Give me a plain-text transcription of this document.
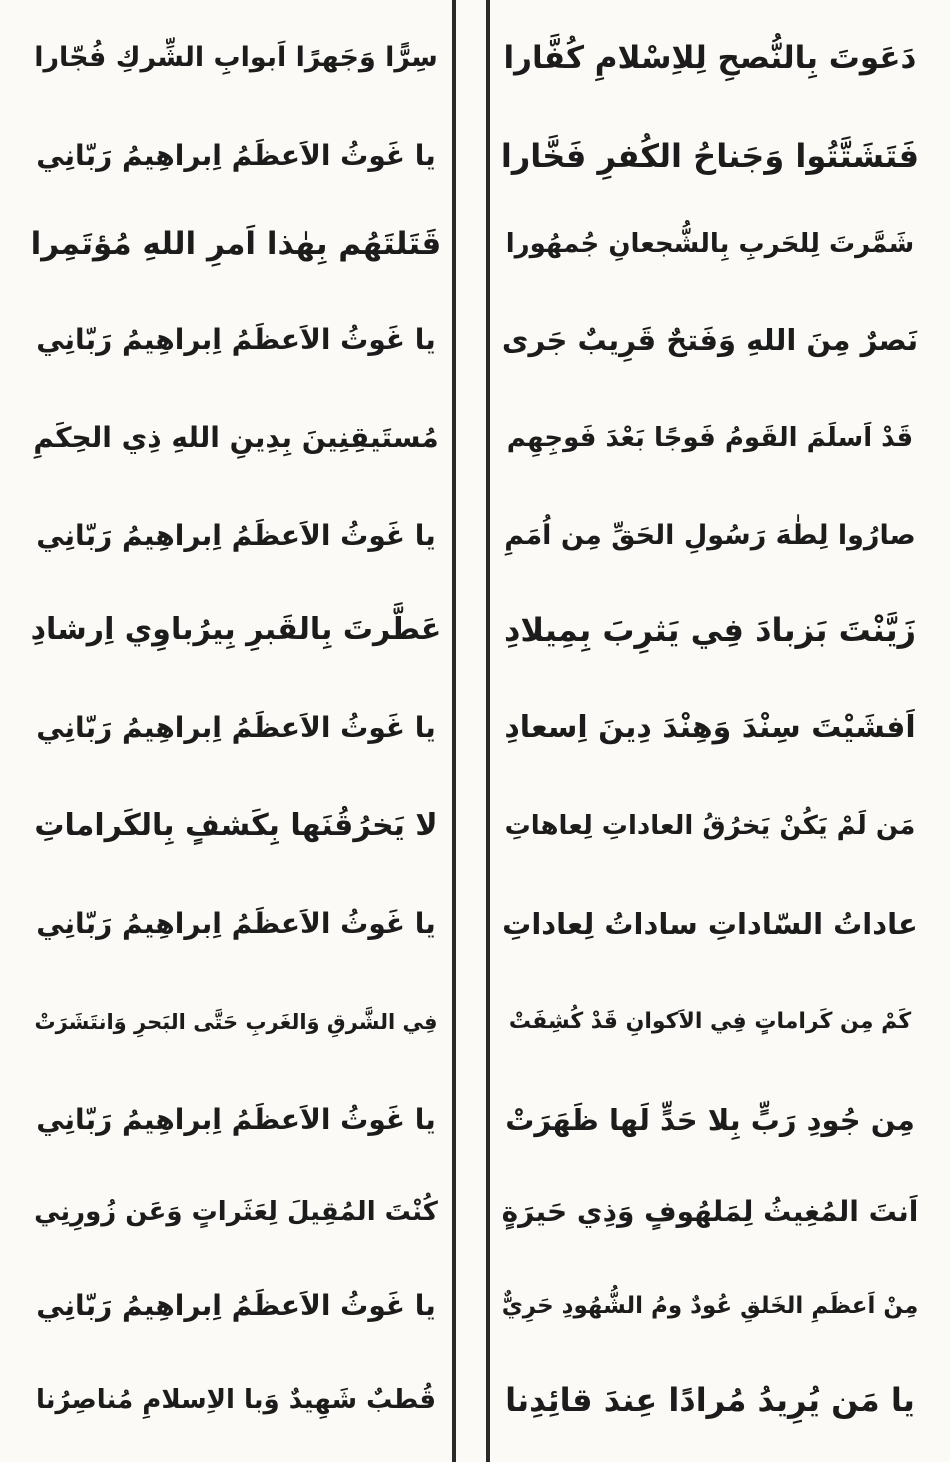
دَعَوتَ بِالنُّصحِ لِلاِسْلامِ كُفَّارا
فَتَشَتَّتُوا وَجَناحُ الكُفرِ فَخَّارا
شَمَّرتَ لِلحَربِ بِالشُّجعانِ جُمهُورا
نَصرٌ مِنَ اللهِ وَفَتحٌ قَرِيبٌ جَرى
قَدْ اَسلَمَ القَومُ فَوجًا بَعْدَ فَوجِهِم
صارُوا لِطٰهَ رَسُولِ الحَقِّ مِن اُمَمِ
زَيَّنْتَ بَزبادَ فِي يَثرِبَ بِمِيلادِ
اَفشَيْتَ سِنْدَ وَهِنْدَ دِينَ اِسعادِ
مَن لَمْ يَكُنْ يَخرُقُ العاداتِ لِعاهاتِ
عاداتُ السّاداتِ ساداتُ لِعاداتِ
كَمْ مِن كَراماتٍ فِي الاَكوانِ قَدْ كُشِفَتْ
مِن جُودِ رَبٍّ بِلا حَدٍّ لَها ظَهَرَتْ
اَنتَ المُغِيثُ لِمَلهُوفٍ وَذِي حَيرَةٍ
مِنْ اَعظَمِ الخَلقِ عُودٌ ومُ الشُّهُودِ حَرِيٌّ
يا مَن يُرِيدُ مُرادًا عِندَ قائِدِنا
سِرًّا وَجَهرًا اَبوابِ الشِّركِ فُجّارا
يا غَوثُ الاَعظَمُ اِبراهِيمُ رَبّانِي
قَتَلتَهُم بِهٰذا اَمرِ اللهِ مُؤتَمِرا
يا غَوثُ الاَعظَمُ اِبراهِيمُ رَبّانِي
مُستَيقِنِينَ بِدِينِ اللهِ ذِي الحِكَمِ
يا غَوثُ الاَعظَمُ اِبراهِيمُ رَبّانِي
عَطَّرتَ بِالقَبرِ بِيرُباوِي اِرشادِ
يا غَوثُ الاَعظَمُ اِبراهِيمُ رَبّانِي
لا يَخرُقُنَها بِكَشفٍ بِالكَراماتِ
يا غَوثُ الاَعظَمُ اِبراهِيمُ رَبّانِي
فِي الشَّرقِ وَالغَربِ حَتَّى البَحرِ وَانتَشَرَتْ
يا غَوثُ الاَعظَمُ اِبراهِيمُ رَبّانِي
كُنْتَ المُقِيلَ لِعَثَراتٍ وَعَن زُورِنِي
يا غَوثُ الاَعظَمُ اِبراهِيمُ رَبّانِي
قُطبٌ شَهِيدٌ وَبا الاِسلامِ مُناصِرُنا
